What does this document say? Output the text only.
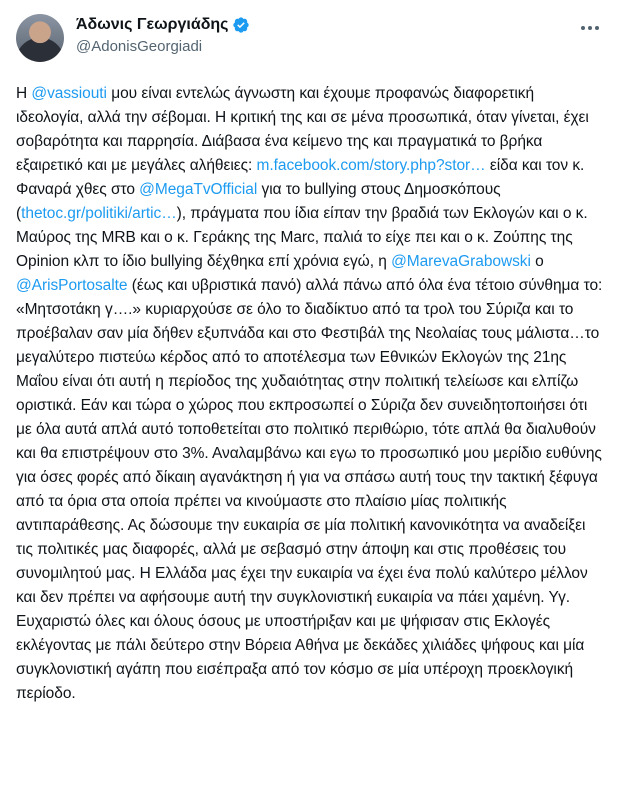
Άδωνις Γεωργιάδης
@AdonisGeorgiadi

Η @vassiouti μου είναι εντελώς άγνωστη και έχουμε προφανώς διαφορετική ιδεολογία, αλλά την σέβομαι. Η κριτική της και σε μένα προσωπικά, όταν γίνεται, έχει σοβαρότητα και παρρησία. Διάβασα ένα κείμενο της και πραγματικά το βρήκα εξαιρετικό και με μεγάλες αλήθειες: m.facebook.com/story.php?stor… είδα και τον κ. Φαναρά χθες στο @MegaTvOfficial για το bullying στους Δημοσκόπους (thetoc.gr/politiki/artic…), πράγματα που ίδια είπαν την βραδιά των Εκλογών και ο κ. Μαύρος της MRB και ο κ. Γεράκης της Marc, παλιά το είχε πει και ο κ. Ζούπης της Opinion κλπ το ίδιο bullying δέχθηκα επί χρόνια εγώ, η @MarevaGrabowski ο @ArisPortosalte (έως και υβριστικά πανό) αλλά πάνω από όλα ένα τέτοιο σύνθημα το: «Μητσοτάκη γ….» κυριαρχούσε σε όλο το διαδίκτυο από τα τρολ του Σύριζα και το προέβαλαν σαν μία δήθεν εξυπνάδα και στο Φεστιβάλ της Νεολαίας τους μάλιστα…το μεγαλύτερο πιστεύω κέρδος από το αποτέλεσμα των Εθνικών Εκλογών της 21ης Μαΐου είναι ότι αυτή η περίοδος της χυδαιότητας στην πολιτική τελείωσε και ελπίζω οριστικά. Εάν και τώρα ο χώρος που εκπροσωπεί ο Σύριζα δεν συνειδητοποιήσει ότι με όλα αυτά απλά αυτό τοποθετείται στο πολιτικό περιθώριο, τότε απλά θα διαλυθούν και θα επιστρέψουν στο 3%. Αναλαμβάνω και εγω το προσωπικό μου μερίδιο ευθύνης για όσες φορές από δίκαιη αγανάκτηση ή για να σπάσω αυτή τους την τακτική ξέφυγα από τα όρια στα οποία πρέπει να κινούμαστε στο πλαίσιο μίας πολιτικής αντιπαράθεσης. Ας δώσουμε την ευκαιρία σε μία πολιτική κανονικότητα να αναδείξει τις πολιτικές μας διαφορές, αλλά με σεβασμό στην άποψη και στις προθέσεις του συνομιλητού μας. Η Ελλάδα μας έχει την ευκαιρία να έχει ένα πολύ καλύτερο μέλλον και δεν πρέπει να αφήσουμε αυτή την συγκλονιστική ευκαιρία να πάει χαμένη. Υγ. Ευχαριστώ όλες και όλους όσους με υποστήριξαν και με ψήφισαν στις Εκλογές εκλέγοντας με πάλι δεύτερο στην Βόρεια Αθήνα με δεκάδες χιλιάδες ψήφους και μία συγκλονιστική αγάπη που εισέπραξα από τον κόσμο σε μία υπέροχη προεκλογική περίοδο.
